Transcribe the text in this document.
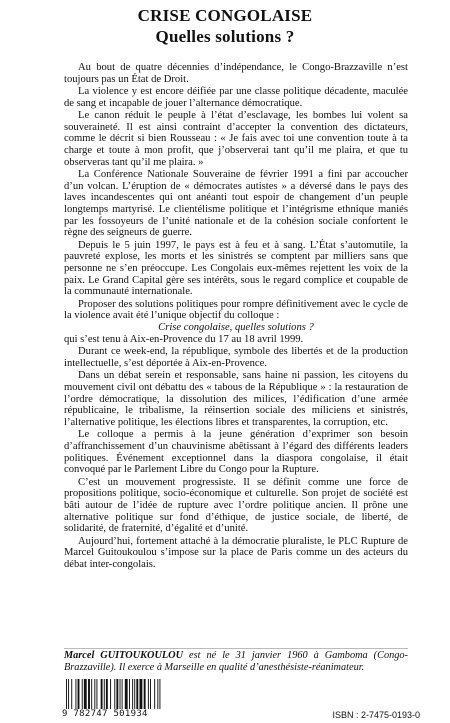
CRISE CONGOLAISE
Quelles solutions ?

Au bout de quatre décennies d’indépendance, le Congo-Brazzaville n’est toujours pas un État de Droit.

La violence y est encore déifiée par une classe politique décadente, maculée de sang et incapable de jouer l’alternance démocratique.

Le canon réduit le peuple à l’état d’esclavage, les bombes lui volent sa souveraineté. Il est ainsi contraint d’accepter la convention des dictateurs, comme le décrit si bien Rousseau : « Je fais avec toi une convention toute à ta charge et toute à mon profit, que j’observerai tant qu’il me plaira, et que tu observeras tant qu’il me plaira. »

La Conférence Nationale Souveraine de février 1991 a fini par accoucher d’un volcan. L’éruption de « démocrates autistes » a déversé dans le pays des laves incandescentes qui ont anéanti tout espoir de changement d’un peuple longtemps martyrisé. Le clientélisme politique et l’intégrisme ethnique maniés par les fossoyeurs de l’unité nationale et de la cohésion sociale confortent le règne des seigneurs de guerre.

Depuis le 5 juin 1997, le pays est à feu et à sang. L’État s’automutile, la pauvreté explose, les morts et les sinistrés se comptent par milliers sans que personne ne s’en préoccupe. Les Congolais eux-mêmes rejettent les voix de la paix. Le Grand Capital gère ses intérêts, sous le regard complice et coupable de la communauté internationale.

Proposer des solutions politiques pour rompre définitivement avec le cycle de la violence avait été l’unique objectif du colloque :

Crise congolaise, quelles solutions ?

qui s’est tenu à Aix-en-Provence du 17 au 18 avril 1999.

Durant ce week-end, la république, symbole des libertés et de la production intellectuelle, s’est déportée à Aix-en-Provence.

Dans un débat serein et responsable, sans haine ni passion, les citoyens du mouvement civil ont débattu des « tabous de la République » : la restauration de l’ordre démocratique, la dissolution des milices, l’édification d’une armée républicaine, le tribalisme, la réinsertion sociale des miliciens et sinistrés, l’alternative politique, les élections libres et transparentes, la corruption, etc.

Le colloque a permis à la jeune génération d’exprimer son besoin d’affranchissement d’un chauvinisme abêtissant à l’égard des différents leaders politiques. Événement exceptionnel dans la diaspora congolaise, il était convoqué par le Parlement Libre du Congo pour la Rupture.

C’est un mouvement progressiste. Il se définit comme une force de propositions politique, socio-économique et culturelle. Son projet de société est bâti autour de l’idée de rupture avec l’ordre politique ancien. Il prône une alternative politique sur fond d’éthique, de justice sociale, de liberté, de solidarité, de fraternité, d’égalité et d’unité.

Aujourd’hui, fortement attaché à la démocratie pluraliste, le PLC Rupture de Marcel Guitoukoulou s’impose sur la place de Paris comme un des acteurs du débat inter-congolais.

Marcel GUITOUKOULOU est né le 31 janvier 1960 à Gamboma (Congo-Brazzaville). Il exerce à Marseille en qualité d’anesthésiste-réanimateur.
9 782747 501934	ISBN : 2-7475-0193-0
